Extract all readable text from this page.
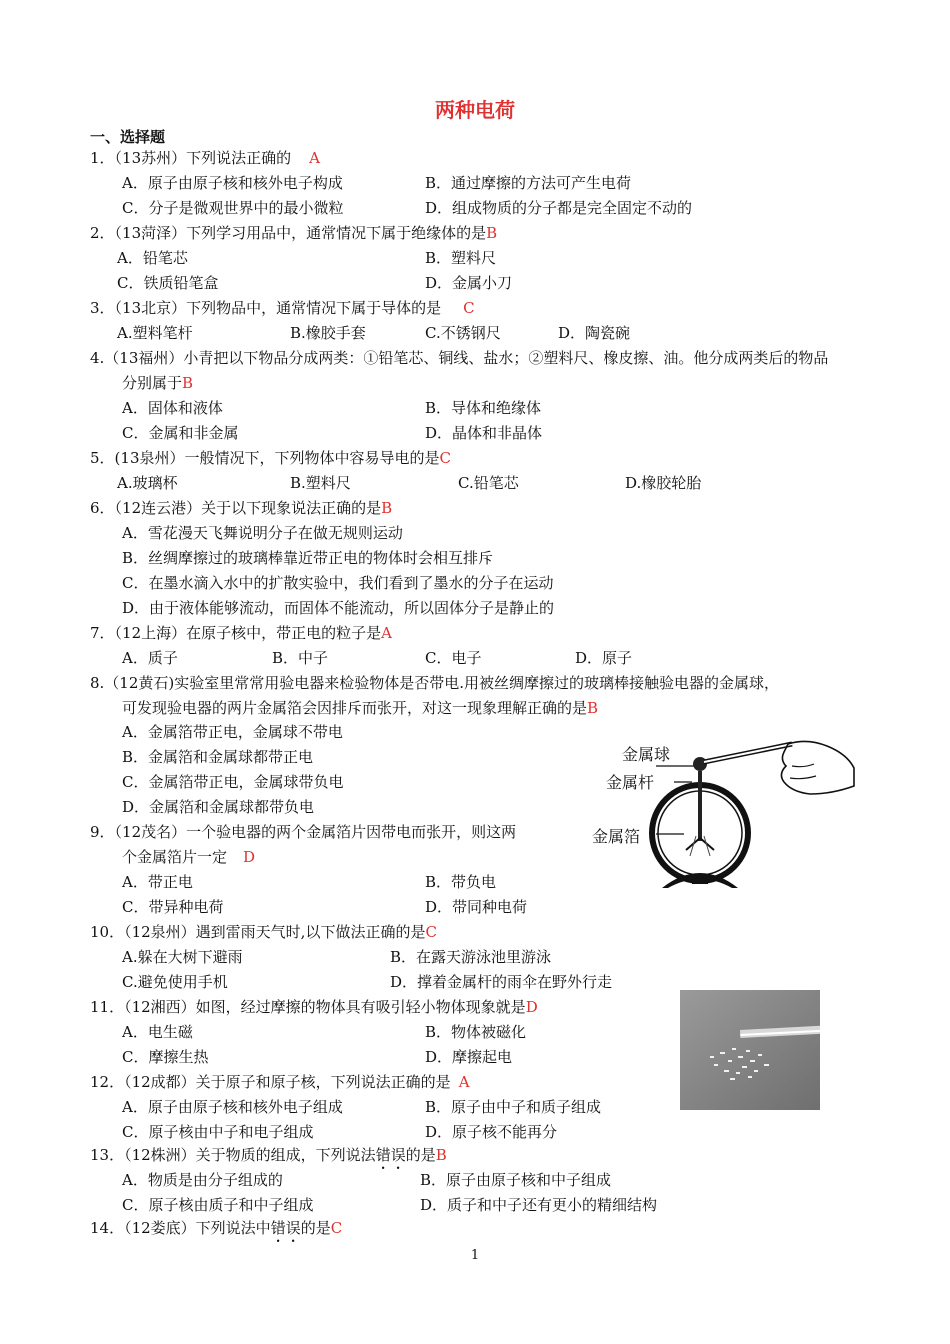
两种电荷
一、选择题
1．（13苏州）下列说法正确的 A
A．原子由原子核和核外电子构成	B．通过摩擦的方法可产生电荷
C．分子是微观世界中的最小微粒	D．组成物质的分子都是完全固定不动的
2．（13菏泽）下列学习用品中，通常情况下属于绝缘体的是B
A．铅笔芯	B．塑料尺
C．铁质铅笔盒	D．金属小刀
3．（13北京）下列物品中，通常情况下属于导体的是 C
A.塑料笔杆	B.橡胶手套	C.不锈钢尺	D．陶瓷碗
4.（13福州）小青把以下物品分成两类：①铅笔芯、铜线、盐水；②塑料尺、橡皮擦、油。他分成两类后的物品
分别属于B
A．固体和液体	B．导体和绝缘体
C．金属和非金属	D．晶体和非晶体
5．(13泉州）一般情况下，下列物体中容易导电的是C
A.玻璃杯	B.塑料尺	C.铅笔芯	D.橡胶轮胎
6．（12连云港）关于以下现象说法正确的是B
A．雪花漫天飞舞说明分子在做无规则运动
B．丝绸摩擦过的玻璃棒靠近带正电的物体时会相互排斥
C．在墨水滴入水中的扩散实验中，我们看到了墨水的分子在运动
D．由于液体能够流动，而固体不能流动，所以固体分子是静止的
7．（12上海）在原子核中，带正电的粒子是A
A．质子	B．中子	C．电子	D．原子
8.（12黄石)实验室里常常用验电器来检验物体是否带电.用被丝绸摩擦过的玻璃棒接触验电器的金属球，
可发现验电器的两片金属箔会因排斥而张开，对这一现象理解正确的是B
A．金属箔带正电，金属球不带电
B．金属箔和金属球都带正电
C．金属箔带正电，金属球带负电
D．金属箔和金属球都带负电
9．（12茂名）一个验电器的两个金属箔片因带电而张开，则这两
个金属箔片一定 D
A．带正电	B．带负电
C．带异种电荷	D．带同种电荷
10．（12泉州）遇到雷雨天气时,以下做法正确的是C
A.躲在大树下避雨	B．在露天游泳池里游泳
C.避免使用手机	D．撑着金属杆的雨伞在野外行走
11．（12湘西）如图，经过摩擦的物体具有吸引轻小物体现象就是D
A．电生磁	B．物体被磁化
C．摩擦生热	D．摩擦起电
12．（12成都）关于原子和原子核，下列说法正确的是 A
A．原子由原子核和核外电子组成	B．原子由中子和质子组成
C．原子核由中子和电子组成	D．原子核不能再分
13．（12株洲）关于物质的组成，下列说法错误的是B
A．物质是由分子组成的	B．原子由原子核和中子组成
C．原子核由质子和中子组成	D．质子和中子还有更小的精细结构
14．（12娄底）下列说法中错误的是C
金属球
金属杆
金属箔
1
